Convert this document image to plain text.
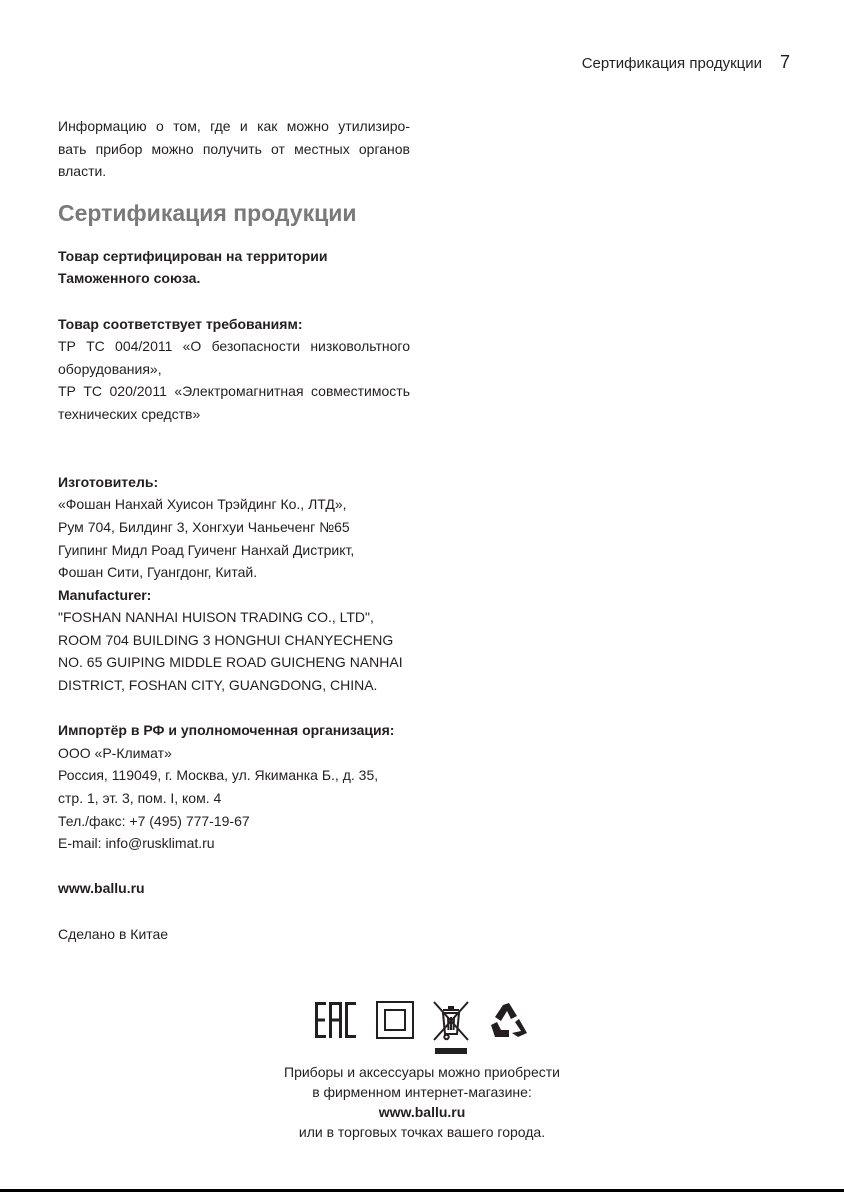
Сертификация продукции 7

Информацию о том, где и как можно утилизиро-

вать прибор можно получить от местных органов

власти.

Сертификация продукции

Товар сертифицирован на территории

Таможенного союза.

Товар соответствует требованиям:

ТР ТС 004/2011 «О безопасности низковольтного

оборудования»,

ТР ТС 020/2011 «Электромагнитная совместимость

технических средств»

Изготовитель:

«Фошан Нанхай Хуисон Трэйдинг Ко., ЛТД»,

Рум 704, Билдинг 3, Хонгхуи Чаньеченг №65

Гуипинг Мидл Роад Гуиченг Нанхай Дистрикт,

Фошан Сити, Гуангдонг, Китай.

Manufacturer:

"FOSHAN NANHAI HUISON TRADING CO., LTD",

ROOM 704 BUILDING 3 HONGHUI CHANYECHENG

NO. 65 GUIPING MIDDLE ROAD GUICHENG NANHAI

DISTRICT, FOSHAN CITY, GUANGDONG, CHINA.

Импортёр в РФ и уполномоченная организация:

ООО «Р-Климат»

Россия, 119049, г. Москва, ул. Якиманка Б., д. 35,

стр. 1, эт. 3, пом. I, ком. 4

Тел./факс: +7 (495) 777-19-67

E-mail: info@rusklimat.ru

www.ballu.ru

Сделано в Китае

Приборы и аксессуары можно приобрести

в фирменном интернет-магазине:

www.ballu.ru

или в торговых точках вашего города.
